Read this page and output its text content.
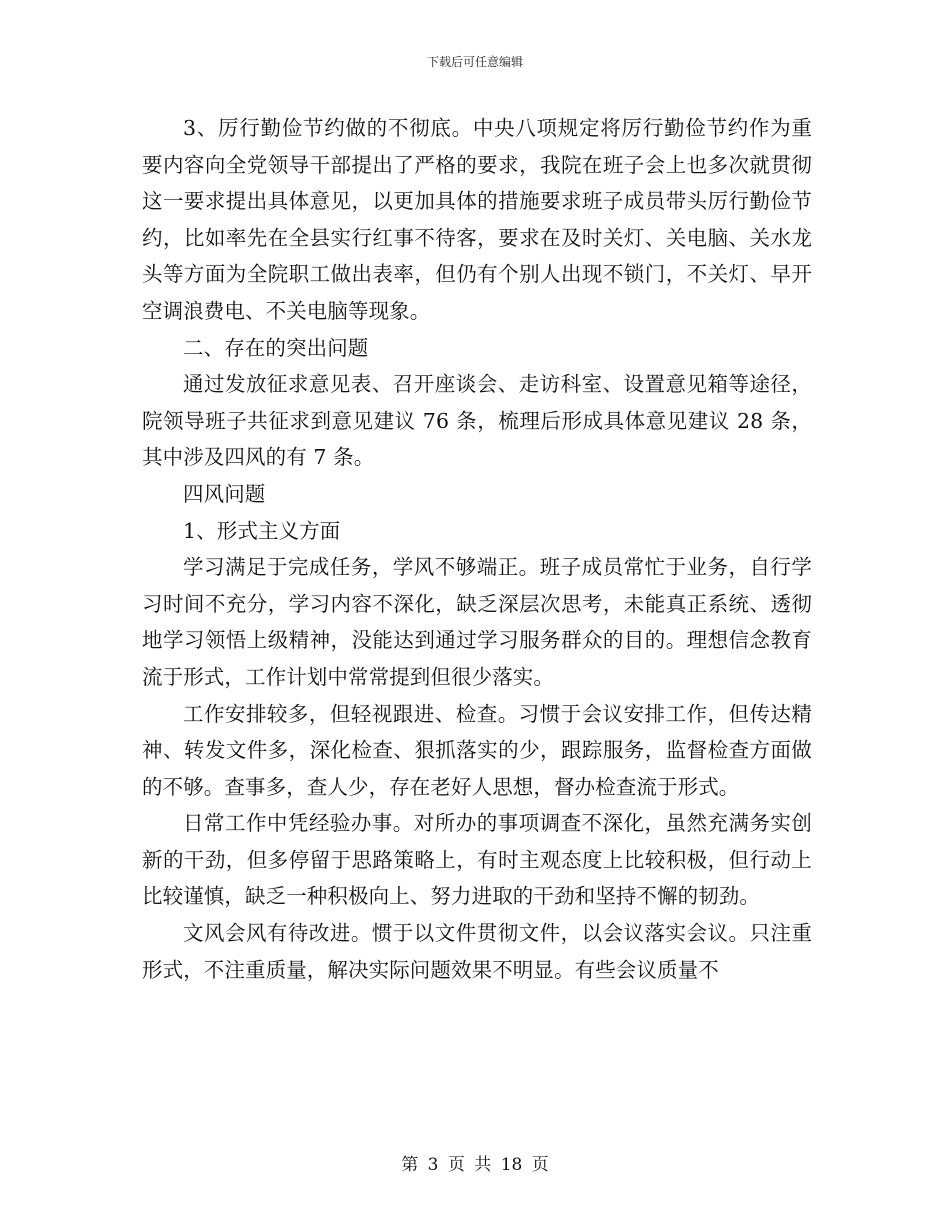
下载后可任意编辑

3、厉行勤俭节约做的不彻底。中央八项规定将厉行勤俭节约作为重要内容向全党领导干部提出了严格的要求，我院在班子会上也多次就贯彻这一要求提出具体意见，以更加具体的措施要求班子成员带头厉行勤俭节约，比如率先在全县实行红事不待客，要求在及时关灯、关电脑、关水龙头等方面为全院职工做出表率，但仍有个别人出现不锁门，不关灯、早开空调浪费电、不关电脑等现象。

二、存在的突出问题

通过发放征求意见表、召开座谈会、走访科室、设置意见箱等途径，院领导班子共征求到意见建议 76 条，梳理后形成具体意见建议 28 条，其中涉及四风的有 7 条。

四风问题

1、形式主义方面

学习满足于完成任务，学风不够端正。班子成员常忙于业务，自行学习时间不充分，学习内容不深化，缺乏深层次思考，未能真正系统、透彻地学习领悟上级精神，没能达到通过学习服务群众的目的。理想信念教育流于形式，工作计划中常常提到但很少落实。

工作安排较多，但轻视跟进、检查。习惯于会议安排工作，但传达精神、转发文件多，深化检查、狠抓落实的少，跟踪服务，监督检查方面做的不够。查事多，查人少，存在老好人思想，督办检查流于形式。

日常工作中凭经验办事。对所办的事项调查不深化，虽然充满务实创新的干劲，但多停留于思路策略上，有时主观态度上比较积极，但行动上比较谨慎，缺乏一种积极向上、努力进取的干劲和坚持不懈的韧劲。

文风会风有待改进。惯于以文件贯彻文件，以会议落实会议。只注重形式，不注重质量，解决实际问题效果不明显。有些会议质量不

第 3 页 共 18 页
